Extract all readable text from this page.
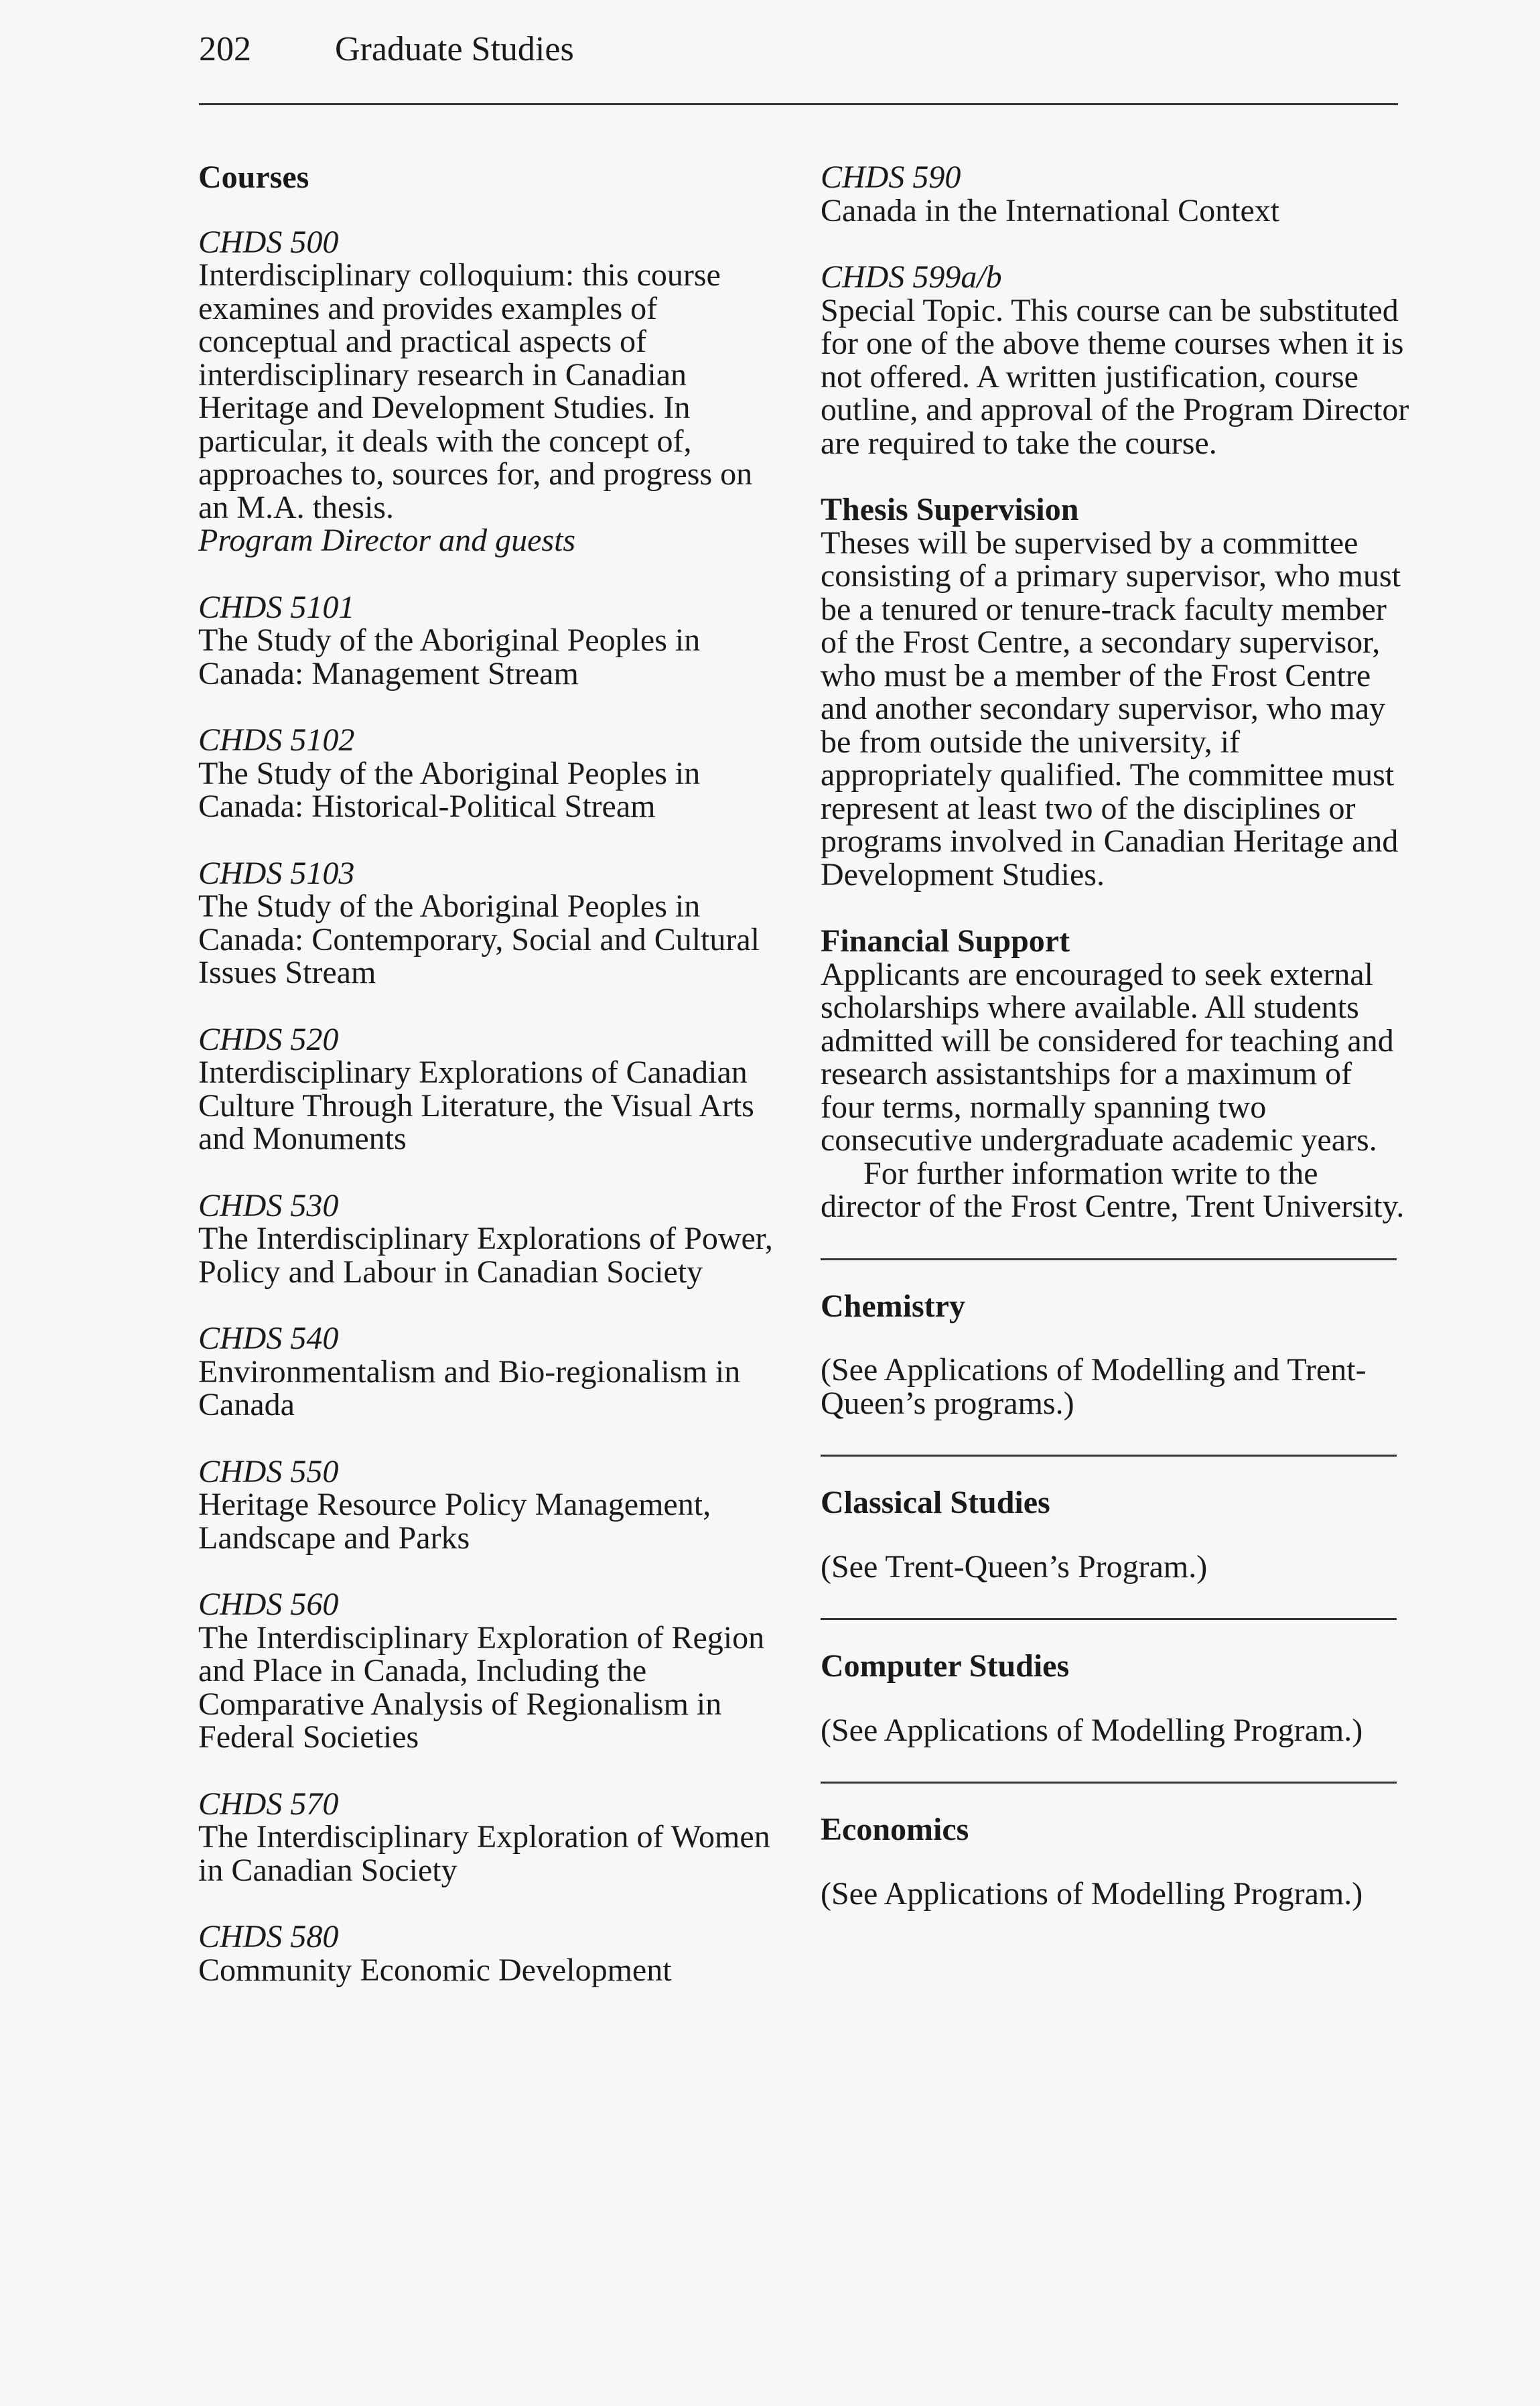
202 Graduate Studies
Courses
CHDS 500
Interdisciplinary colloquium: this course examines and provides examples of conceptual and practical aspects of interdisciplinary research in Canadian Heritage and Development Studies. In particular, it deals with the concept of, approaches to, sources for, and progress on an M.A. thesis.
Program Director and guests
CHDS 5101
The Study of the Aboriginal Peoples in Canada: Management Stream
CHDS 5102
The Study of the Aboriginal Peoples in Canada: Historical-Political Stream
CHDS 5103
The Study of the Aboriginal Peoples in Canada: Contemporary, Social and Cultural Issues Stream
CHDS 520
Interdisciplinary Explorations of Canadian Culture Through Literature, the Visual Arts and Monuments
CHDS 530
The Interdisciplinary Explorations of Power, Policy and Labour in Canadian Society
CHDS 540
Environmentalism and Bio-regionalism in Canada
CHDS 550
Heritage Resource Policy Management, Landscape and Parks
CHDS 560
The Interdisciplinary Exploration of Region and Place in Canada, Including the Comparative Analysis of Regionalism in Federal Societies
CHDS 570
The Interdisciplinary Exploration of Women in Canadian Society
CHDS 580
Community Economic Development
CHDS 590
Canada in the International Context
CHDS 599a/b
Special Topic. This course can be substituted for one of the above theme courses when it is not offered. A written justification, course outline, and approval of the Program Director are required to take the course.
Thesis Supervision

Theses will be supervised by a committee consisting of a primary supervisor, who must be a tenured or tenure-track faculty member of the Frost Centre, a secondary supervisor, who must be a member of the Frost Centre and another secondary supervisor, who may be from outside the university, if appropriately qualified. The committee must represent at least two of the disciplines or programs involved in Canadian Heritage and Development Studies.

Financial Support

Applicants are encouraged to seek external scholarships where available. All students admitted will be considered for teaching and research assistantships for a maximum of four terms, normally spanning two consecutive undergraduate academic years.

For further information write to the director of the Frost Centre, Trent University.

Chemistry

(See Applications of Modelling and Trent-Queen’s programs.)

Classical Studies

(See Trent-Queen’s Program.)

Computer Studies

(See Applications of Modelling Program.)

Economics

(See Applications of Modelling Program.)
